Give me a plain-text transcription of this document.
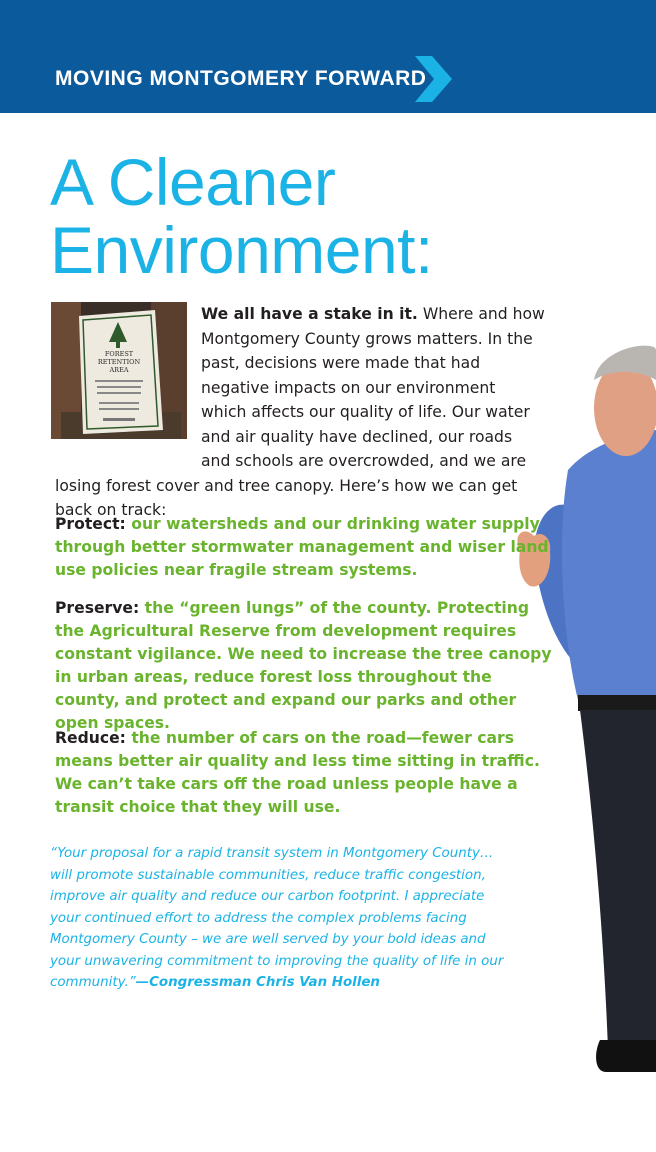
MOVING MONTGOMERY FORWARD
A Cleaner
Environment:
FOREST
RETENTION
AREA

We all have a stake in it. Where and how Montgomery County grows matters. In the past, decisions were made that had negative impacts on our environment which affects our quality of life. Our water and air quality have declined, our roads and schools are overcrowded, and we are losing forest cover and tree canopy. Here’s how we can get back on track:

Protect: our watersheds and our drinking water supply through better stormwater management and wiser land use policies near fragile stream systems.
Preserve: the “green lungs” of the county. Protecting the Agricultural Reserve from development requires constant vigilance. We need to increase the tree canopy in urban areas, reduce forest loss throughout the county, and protect and expand our parks and other open spaces.
Reduce: the number of cars on the road—fewer cars means better air quality and less time sitting in traffic. We can’t take cars off the road unless people have a transit choice that they will use.
“Your proposal for a rapid transit system in Montgomery County… will promote sustainable communities, reduce traffic congestion, improve air quality and reduce our carbon footprint. I appreciate your continued effort to address the complex problems facing Montgomery County – we are well served by your bold ideas and your unwavering commitment to improving the quality of life in our community.”—Congressman Chris Van Hollen
